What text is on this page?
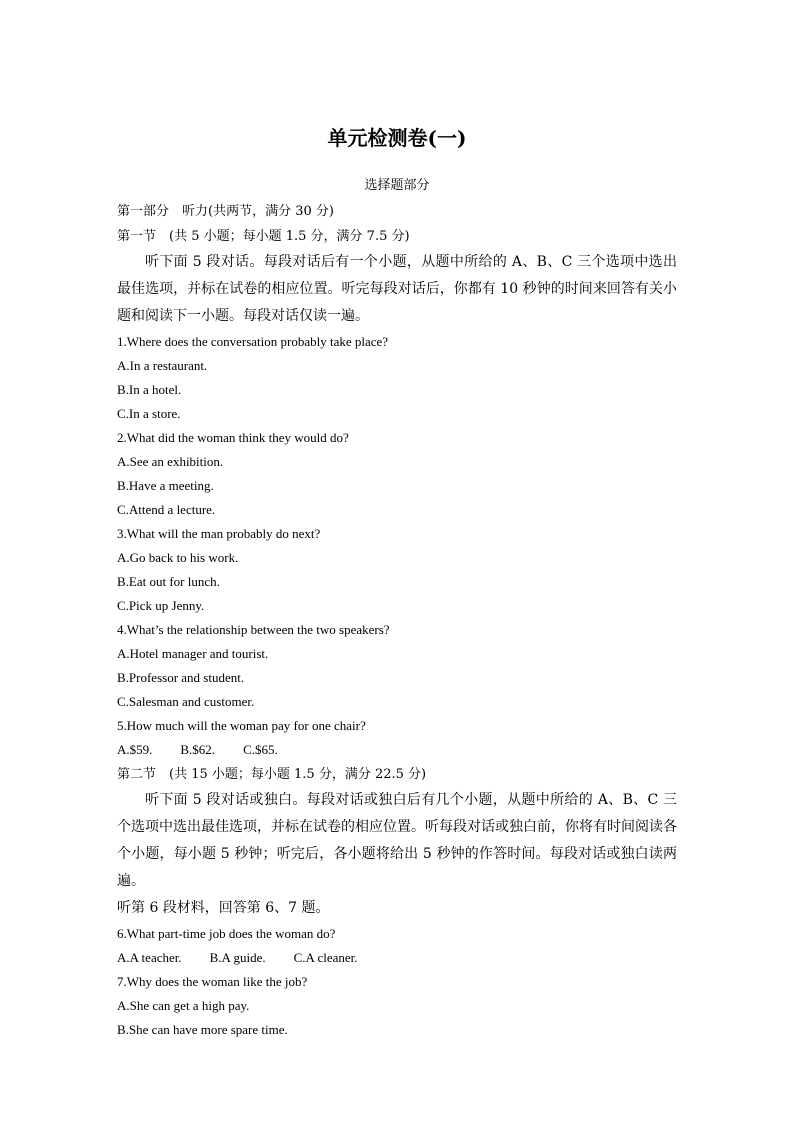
单元检测卷(一)
选择题部分
第一部分　听力(共两节，满分 30 分)
第一节　(共 5 小题；每小题 1.5 分，满分 7.5 分)
听下面 5 段对话。每段对话后有一个小题，从题中所给的 A、B、C 三个选项中选出最佳选项，并标在试卷的相应位置。听完每段对话后，你都有 10 秒钟的时间来回答有关小题和阅读下一小题。每段对话仅读一遍。
1.Where does the conversation probably take place?
A.In a restaurant.
B.In a hotel.
C.In a store.
2.What did the woman think they would do?
A.See an exhibition.
B.Have a meeting.
C.Attend a lecture.
3.What will the man probably do next?
A.Go back to his work.
B.Eat out for lunch.
C.Pick up Jenny.
4.What’s the relationship between the two speakers?
A.Hotel manager and tourist.
B.Professor and student.
C.Salesman and customer.
5.How much will the woman pay for one chair?
A.$59. B.$62. C.$65.
第二节　(共 15 小题；每小题 1.5 分，满分 22.5 分)
听下面 5 段对话或独白。每段对话或独白后有几个小题，从题中所给的 A、B、C 三个选项中选出最佳选项，并标在试卷的相应位置。听每段对话或独白前，你将有时间阅读各个小题，每小题 5 秒钟；听完后，各小题将给出 5 秒钟的作答时间。每段对话或独白读两遍。
听第 6 段材料，回答第 6、7 题。
6.What part-time job does the woman do?
A.A teacher. B.A guide. C.A cleaner.
7.Why does the woman like the job?
A.She can get a high pay.
B.She can have more spare time.
